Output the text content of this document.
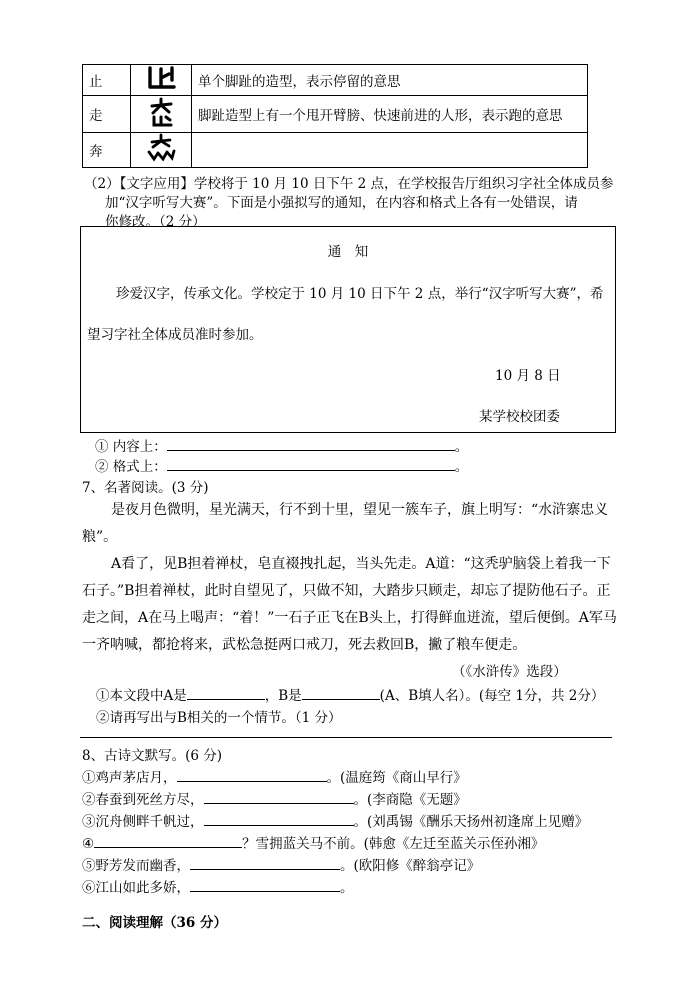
止		单个脚趾的造型，表示停留的意思
走		脚趾造型上有一个甩开臂膀、快速前进的人形，表示跑的意思
奔		
（2）【文字应用】学校将于 10 月 10 日下午 2 点，在学校报告厅组织习字社全体成员参
加“汉字听写大赛”。下面是小强拟写的通知，在内容和格式上各有一处错误，请
你修改。（2 分）
通　知
珍爱汉字，传承文化。学校定于 10 月 10 日下午 2 点，举行“汉字听写大赛”，希
望习字社全体成员准时参加。
10 月 8 日
某学校校团委
① 内容上：	。
② 格式上：	。
7、名著阅读。(3 分)
是夜月色微明，星光满天，行不到十里，望见一簇车子，旗上明写：“水浒寨忠义
粮”。
A看了，见B担着禅杖，皂直裰拽扎起，当头先走。A道：“这秃驴脑袋上着我一下
石子。”B担着禅杖，此时自望见了，只做不知，大踏步只顾走，却忘了提防他石子。正
走之间，A在马上喝声：“着！”一石子正飞在B头上，打得鲜血迸流，望后便倒。A军马
一齐呐喊，都抢将来，武松急挺两口戒刀，死去救回B，撇了粮车便走。
（《水浒传》选段）
①本文段中A是	，B是	(A、B填人名）。(每空 1分，共 2分）
②请再写出与B相关的一个情节。（1 分）
8、古诗文默写。(6 分)
①鸡声茅店月，	。(温庭筠《商山早行》
②春蚕到死丝方尽，	。(李商隐《无题》
③沉舟侧畔千帆过，	。(刘禹锡《酬乐天扬州初逢席上见赠》
④	？雪拥蓝关马不前。(韩愈《左迁至蓝关示侄孙湘》
⑤野芳发而幽香，	。(欧阳修《醉翁亭记》
⑥江山如此多娇，	。
二、阅读理解（36 分）
